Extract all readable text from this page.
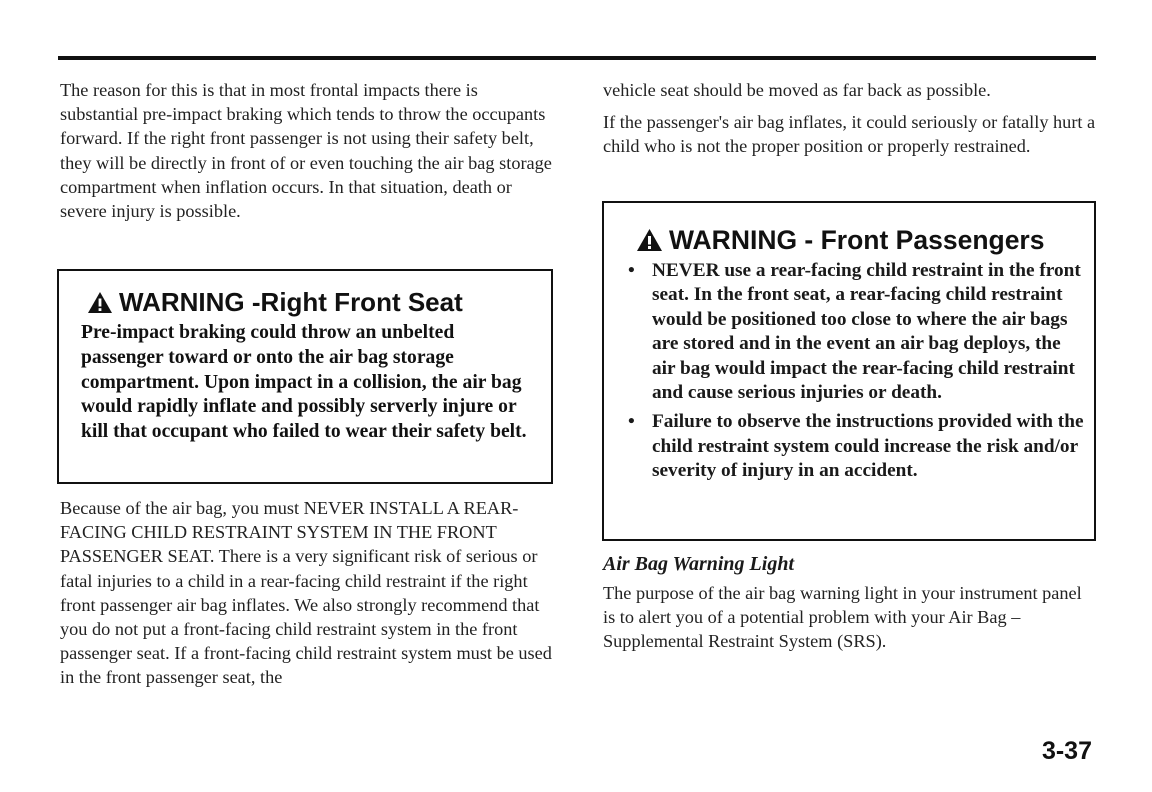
The reason for this is that in most frontal impacts there is substantial pre-impact braking which tends to throw the occupants forward. If the right front passenger is not using their safety belt, they will be directly in front of or even touching the air bag storage compartment when inflation occurs. In that situation, death or severe injury is possible.

WARNING -Right Front Seat

Pre-impact braking could throw an unbelted passenger toward or onto the air bag storage compartment. Upon impact in a collision, the air bag would rapidly inflate and possibly serverly injure or kill that occupant who failed to wear their safety belt.

Because of the air bag, you must NEVER INSTALL A REAR-FACING CHILD RESTRAINT SYSTEM IN THE FRONT PASSENGER SEAT. There is a very significant risk of serious or fatal injuries to a child in a rear-facing child restraint if the right front passenger air bag inflates. We also strongly recommend that you do not put a front-facing child restraint system in the front passenger seat. If a front-facing child restraint system must be used in the front passenger seat, the

vehicle seat should be moved as far back as possible.

If the passenger's air bag inflates, it could seriously or fatally hurt a child who is not the proper position or properly restrained.

WARNING - Front Passengers
• NEVER use a rear-facing child restraint in the front seat. In the front seat, a rear-facing child restraint would be positioned too close to where the air bags are stored and in the event an air bag deploys, the air bag would impact the rear-facing child restraint and cause serious injuries or death.
• Failure to observe the instructions provided with the child restraint system could increase the risk and/or severity of injury in an accident.
Air Bag Warning Light

The purpose of the air bag warning light in your instrument panel is to alert you of a potential problem with your Air Bag – Supplemental Restraint System (SRS).

3-37
